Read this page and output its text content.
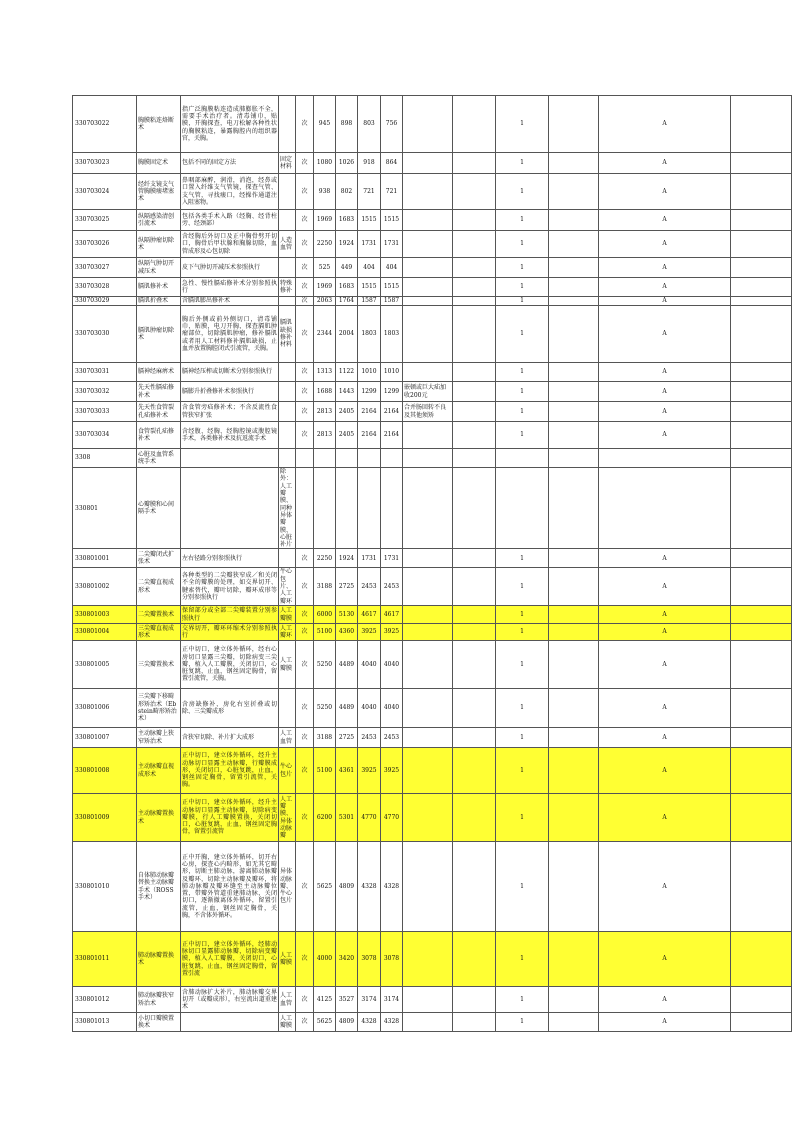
330703022	胸膜粘连烙断术	指广泛胸膜粘连造成肺膨胀不全，需要手术治疗者。清毒铺巾，贴膜，开胸探查，电刀松解各种性状的胸膜粘连，暴露胸腔内的组织器官，关胸。		次	945	898	803	756			1		A	
330703023	胸膜固定术	包括不同的固定方法	固定材料	次	1080	1026	918	864			1		A	
330703024	经纤支镜支气管胸膜瘘堵塞术	鼻咽部麻醉，润滑，消泡，经鼻或口置入纤维支气管镜，探查气管、支气管，寻找瘘口，经操作通道注入阻塞物。		次	938	802	721	721			1		A	
330703025	纵隔感染清创引流术	包括各类手术入路（经胸、经背柱旁、经颈部）		次	1969	1683	1515	1515			1		A	
330703026	纵隔肿瘤切除术	含经胸后外切口及正中胸骨劈开切口，胸骨后甲状腺和胸腺切除，血管成形及心包切除	人造血管	次	2250	1924	1731	1731			1		A	
330703027	纵隔气肿切开减压术	皮下气肿切开减压术参照执行		次	525	449	404	404			1		A	
330703028	膈肌修补术	急性、慢性膈疝修补术分别参照执行	特殊修补	次	1969	1683	1515	1515			1		A	
330703029	膈肌折叠术	含膈肌膨出修补术		次	2063	1764	1587	1587			1		A	
330703030	膈肌肿瘤切除术	胸后外侧或前外侧切口，清毒铺巾，贴膜，电刀开胸，探查膈肌肿瘤部位，切除膈肌肿瘤，修补膈肌或者用人工材料修补膈肌缺损，止血并放置胸腔闭式引流管，关胸。	膈肌缺损修补材料	次	2344	2004	1803	1803			1		A	
330703031	膈神经麻痹术	膈神经压榨或切断术分别参照执行		次	1313	1122	1010	1010			1		A	
330703032	先天性膈疝修补术	膈膨升折叠修补术参照执行		次	1688	1443	1299	1299	嵌顿或巨大疝加收200元		1		A	
330703033	先天性食管裂孔疝修补术	含食管旁疝修补术；不含反流性食管狭窄扩张		次	2813	2405	2164	2164	合并肠回转不良及其他须矫		1		A	
330703034	食管裂孔疝修补术	含经腹、经胸、经胸腔镜或腹腔镜手术，各类修补术及抗返流手术		次	2813	2405	2164	2164			1		A	
3308	心脏及血管系统手术													
330801	心瓣膜和心间隔手术		除外：人工瓣膜、同种异体瓣膜、心脏补片											
330801001	二尖瓣闭式扩张术	左右径路分别参照执行		次	2250	1924	1731	1731			1		A	
330801002	二尖瓣直视成形术	各种类型的二尖瓣狭窄成／和关闭不全的瓣膜的处理，如交界切开、腱索替代，瓣叶切除，瓣环成形等分别参照执行	牛心包片、人工瓣环	次	3188	2725	2453	2453			1		A	
330801003	二尖瓣置换术	保留部分或全部二尖瓣装置分别参照执行	人工瓣膜	次	6000	5130	4617	4617			1		A	
330801004	三尖瓣直视成形术	交界切开，瓣环环缩术分别参照执行	人工瓣环	次	5100	4360	3925	3925			1		A	
330801005	三尖瓣置换术	正中切口，建立体外循环，经右心房切口显露三尖瓣，切除病变三尖瓣，植入人工瓣膜，关闭切口，心脏复跳，止血，钢丝固定胸骨，留置引流管，关胸。	人工瓣膜	次	5250	4489	4040	4040			1		A	
330801006	三尖瓣下移畸形矫治术（Ebstein畸形矫治术）	含房缺修补、房化右室折叠或切除、三尖瓣成形		次	5250	4489	4040	4040			1		A	
330801007	主动脉瓣上狭窄矫治术	含狭窄切除、补片扩大成形	人工血管	次	3188	2725	2453	2453			1		A	
330801008	主动脉瓣直视成形术	正中切口，建立体外循环，经升主动脉切口显露主动脉瓣，行瓣膜成形，关闭切口，心脏复跳，止血，钢丝固定胸骨，留置引流管，关胸。	牛心包片	次	5100	4361	3925	3925			1		A	
330801009	主动脉瓣置换术	正中切口，建立体外循环，经升主动脉切口显露主动脉瓣，切除病变瓣膜，行人工瓣膜置换，关闭切口，心脏复跳，止血，钢丝固定胸骨，留置引流管	人工瓣膜、异体动脉瓣	次	6200	5301	4770	4770			1		A	
330801010	自体肺动脉瓣替换主动脉瓣手术（ROSS手术）	正中开胸，建立体外循环，切开右心房，探查心内畸形，如无其它畸形，切断主肺动脉，游离肺动脉瓣及瓣环，切除主动脉瓣及瓣环，将肺动脉瓣及瓣环缝至主动脉瓣位置，带瓣外管道重建肺动脉，关闭切口，逐渐撤离体外循环，留置引流管，止血，钢丝固定胸骨，关胸，不含体外循环。	异体动脉瓣、牛心包片	次	5625	4809	4328	4328			1		A	
330801011	肺动脉瓣置换术	正中切口，建立体外循环，经肺动脉切口显露肺动脉瓣，切除病变瓣膜，植入人工瓣膜，关闭切口，心脏复跳，止血，钢丝固定胸骨，留置引流	人工瓣膜	次	4000	3420	3078	3078			1		A	
330801012	肺动脉瓣狭窄矫治术	含肺动脉扩大补片，肺动脉瓣交界切开（或瓣成形），右室流出道重建术	人工血管	次	4125	3527	3174	3174			1		A	
330801013	小切口瓣膜置换术		人工瓣膜	次	5625	4809	4328	4328			1		A	
